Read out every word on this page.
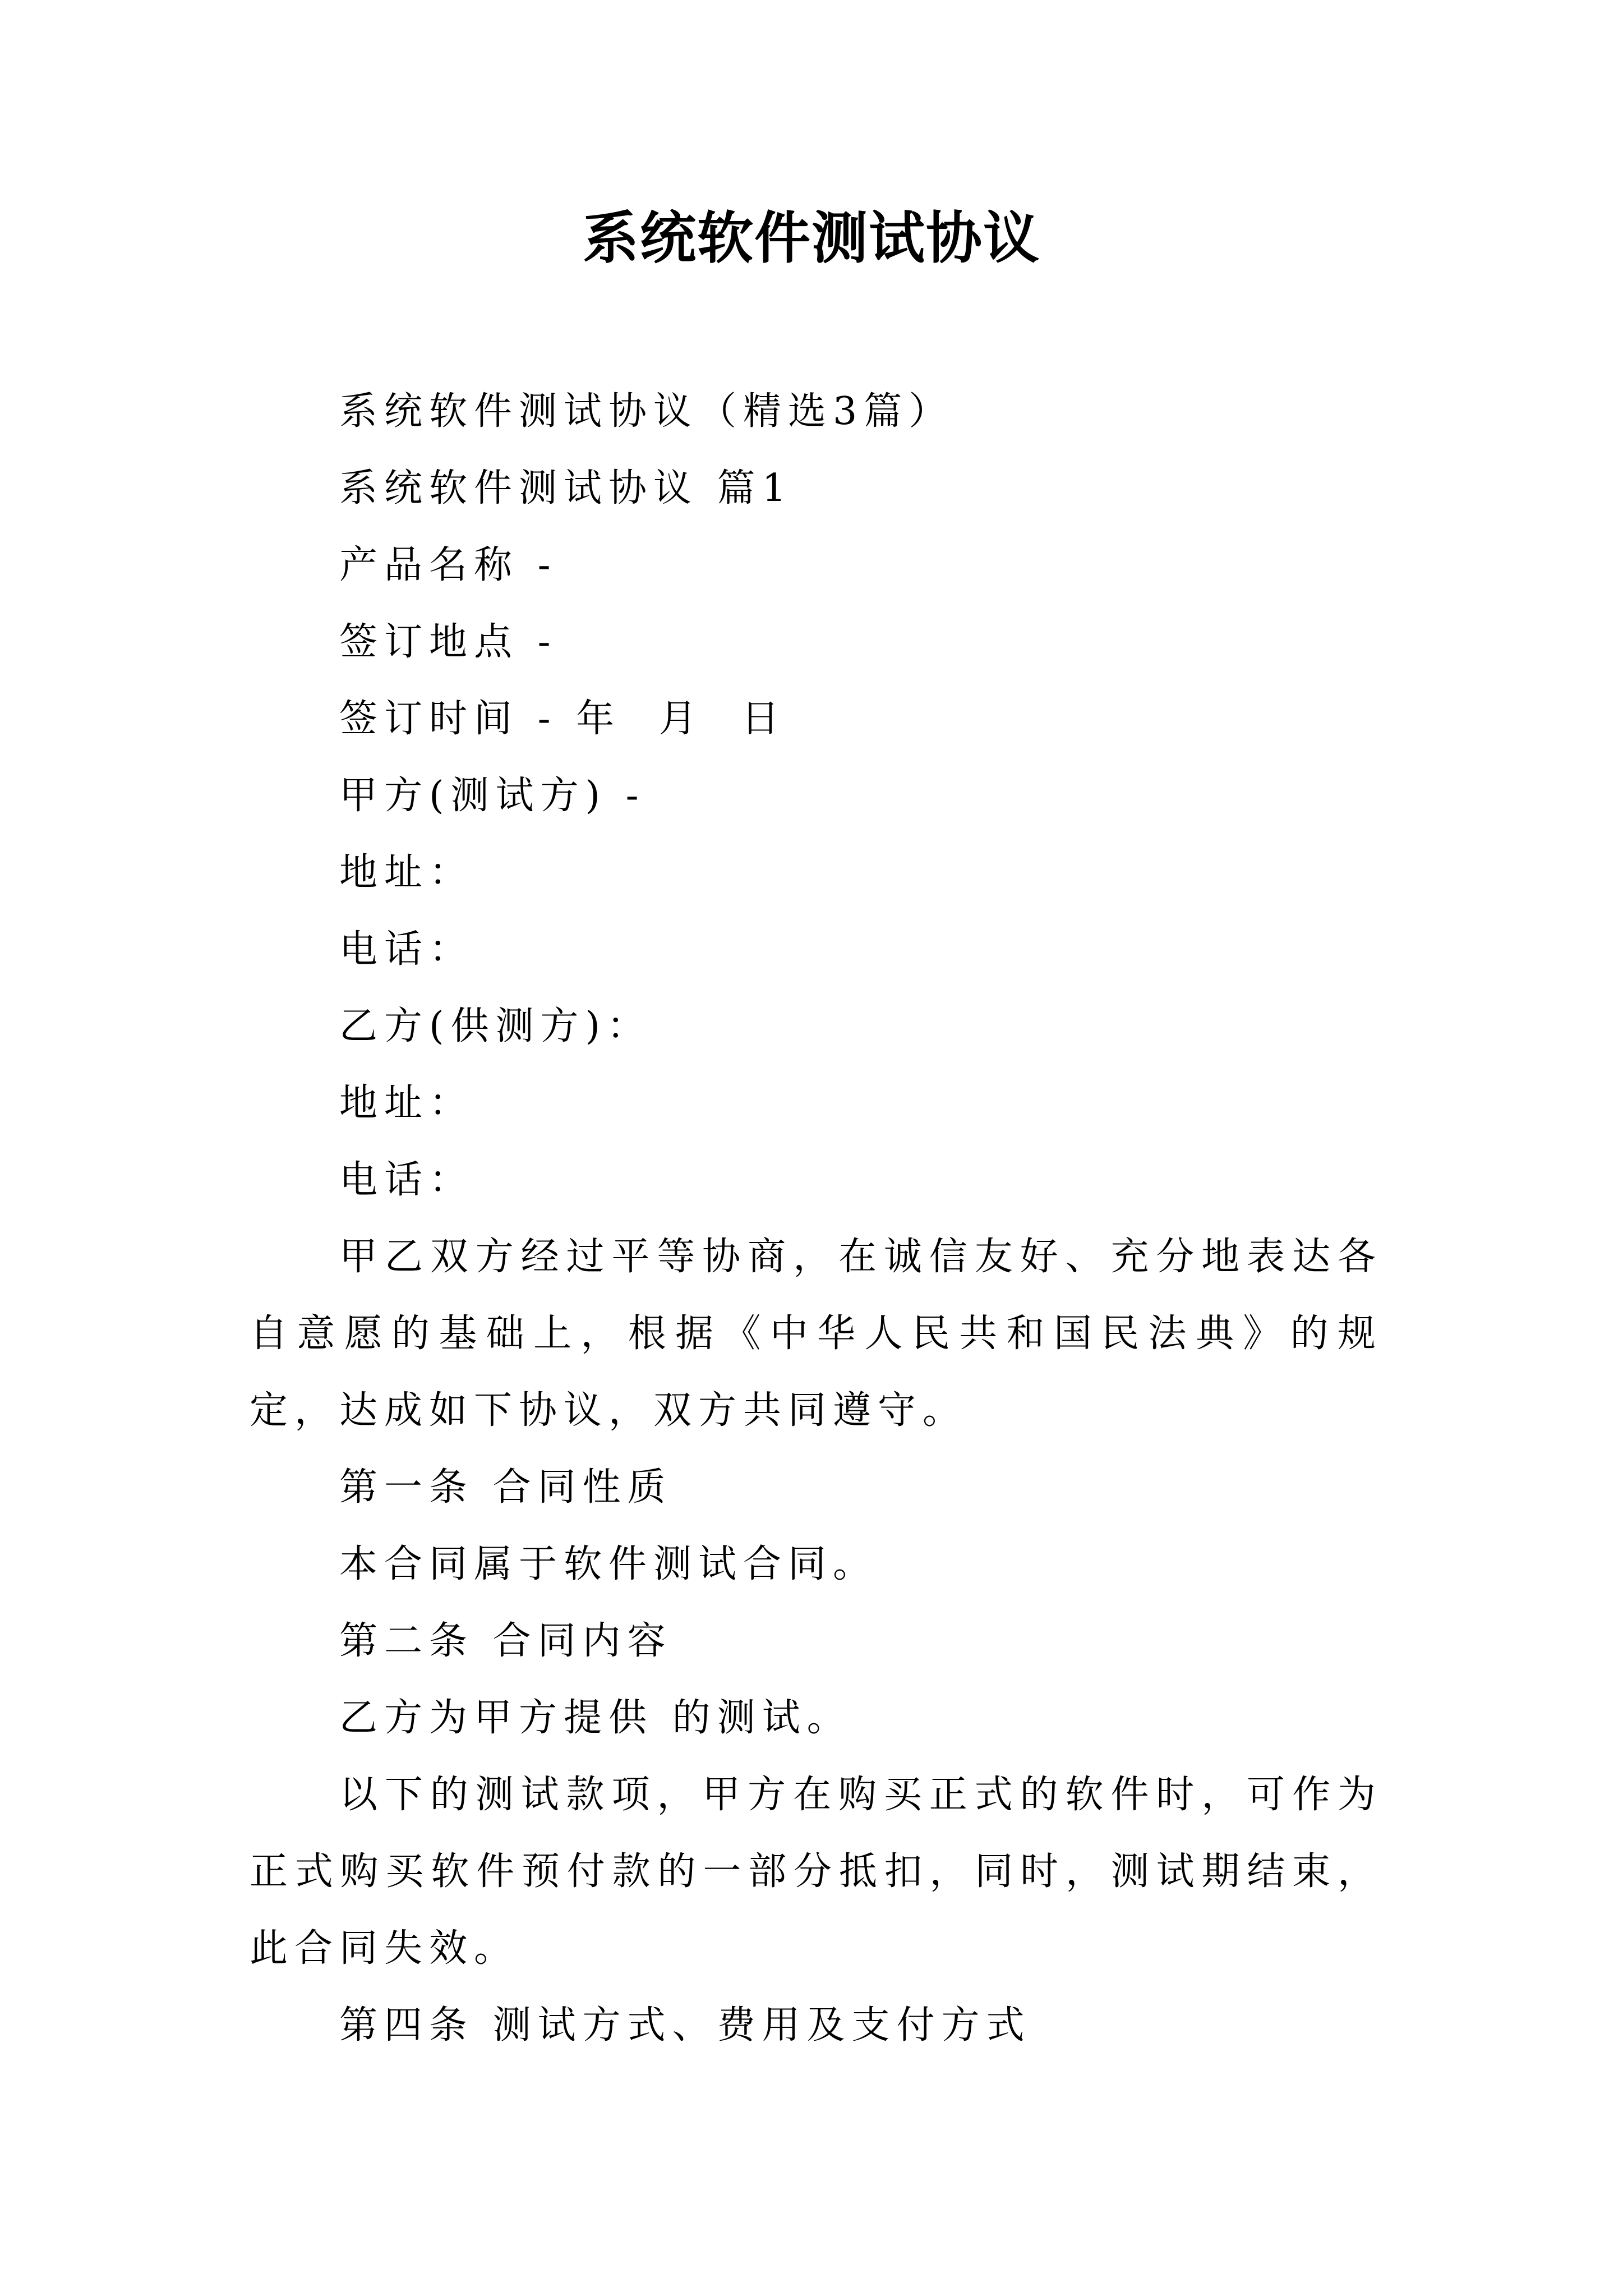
系统软件测试协议

系统软件测试协议（精选3篇）

系统软件测试协议 篇1

产品名称 -

签订地点 -

签订时间 - 年  月  日

甲方(测试方) -

地址：

电话：

乙方(供测方)：

地址：

电话：

甲乙双方经过平等协商，在诚信友好、充分地表达各自意愿的基础上，根据《中华人民共和国民法典》的规定，达成如下协议，双方共同遵守。

第一条 合同性质

本合同属于软件测试合同。

第二条 合同内容

乙方为甲方提供 的测试。

以下的测试款项，甲方在购买正式的软件时，可作为正式购买软件预付款的一部分抵扣，同时，测试期结束，此合同失效。

第四条 测试方式、费用及支付方式
